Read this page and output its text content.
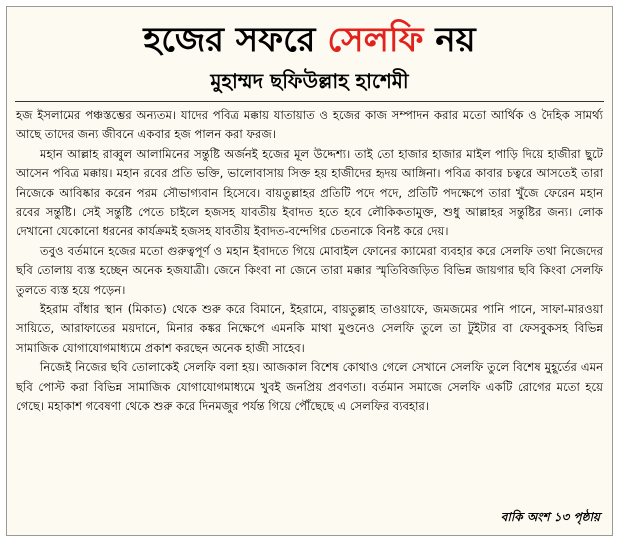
হজের সফরে সেলফি নয়
মুহাম্মদ ছফিউল্লাহ হাশেমী

হজ ইসলামের পঞ্চস্তম্ভের অন্যতম। যাদের পবিত্র মক্কায় যাতায়াত ও হজের কাজ সম্পাদন করার মতো আর্থিক ও দৈহিক সামর্থ্য আছে তাদের জন্য জীবনে একবার হজ পালন করা ফরজ।

মহান আল্লাহ রাব্বুল আলামিনের সন্তুষ্টি অর্জনই হজের মূল উদ্দেশ্য। তাই তো হাজার হাজার মাইল পাড়ি দিয়ে হাজীরা ছুটে আসেন পবিত্র মক্কায়। মহান রবের প্রতি ভক্তি, ভালোবাসায় সিক্ত হয় হাজীদের হৃদয় আঙ্গিনা। পবিত্র কাবার চত্বরে আসতেই তারা নিজেকে আবিষ্কার করেন পরম সৌভাগ্যবান হিসেবে। বায়তুল্লাহর প্রতিটি পদে পদে, প্রতিটি পদক্ষেপে তারা খুঁজে ফেরেন মহান রবের সন্তুষ্টি। সেই সন্তুষ্টি পেতে চাইলে হজসহ যাবতীয় ইবাদত হতে হবে লৌকিকতামুক্ত, শুধু আল্লাহর সন্তুষ্টির জন্য। লোক দেখানো যেকোনো ধরনের কার্যক্রমই হজসহ যাবতীয় ইবাদত-বন্দেগির চেতনাকে বিনষ্ট করে দেয়।

তবুও বর্তমানে হজের মতো গুরুত্বপূর্ণ ও মহান ইবাদতে গিয়ে মোবাইল ফোনের ক্যামেরা ব্যবহার করে সেলফি তথা নিজেদের ছবি তোলায় ব্যস্ত হচ্ছেন অনেক হজযাত্রী। জেনে কিংবা না জেনে তারা মক্কার স্মৃতিবিজড়িত বিভিন্ন জায়গার ছবি কিংবা সেলফি তুলতে ব্যস্ত হয়ে পড়েন।

ইহরাম বাঁধার স্থান (মিকাত) থেকে শুরু করে বিমানে, ইহরামে, বায়তুল্লাহ তাওয়াফে, জমজমের পানি পানে, সাফা-মারওয়া সায়িতে, আরাফাতের ময়দানে, মিনার কঙ্কর নিক্ষেপে এমনকি মাথা মুণ্ডনেও সেলফি তুলে তা টুইটার বা ফেসবুকসহ বিভিন্ন সামাজিক যোগাযোগমাধ্যমে প্রকাশ করছেন অনেক হাজী সাহেব।

নিজেই নিজের ছবি তোলাকেই সেলফি বলা হয়। আজকাল বিশেষ কোথাও গেলে সেখানে সেলফি তুলে বিশেষ মুহূর্তের এমন ছবি পোস্ট করা বিভিন্ন সামাজিক যোগাযোগমাধ্যমে খুবই জনপ্রিয় প্রবণতা। বর্তমান সমাজে সেলফি একটি রোগের মতো হয়ে গেছে। মহাকাশ গবেষণা থেকে শুরু করে দিনমজুর পর্যন্ত গিয়ে পৌঁছেছে এ সেলফির ব্যবহার।

বাকি অংশ ১৩ পৃষ্ঠায়
